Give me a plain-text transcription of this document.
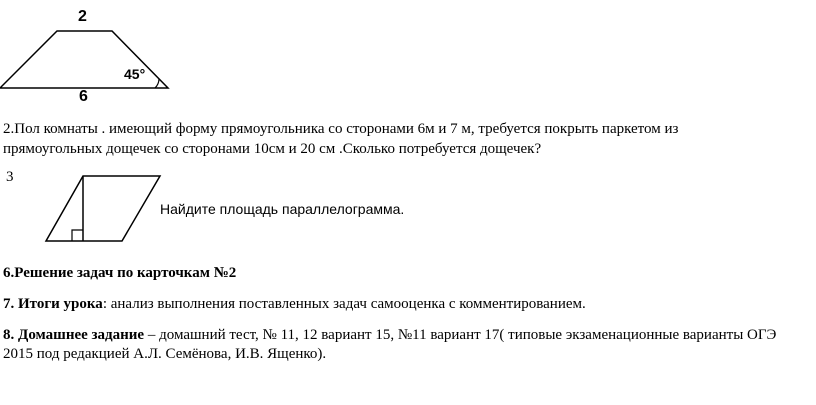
2
6
45°
2.Пол комнаты . имеющий форму прямоугольника со сторонами 6м и 7 м, требуется покрыть паркетом из
прямоугольных дощечек со сторонами 10см и 20 см .Сколько потребуется дощечек?
3
Найдите площадь параллелограмма.
6.Решение задач по карточкам №2
7. Итоги урока: анализ выполнения поставленных задач самооценка с комментированием.
8. Домашнее задание – домашний тест, № 11, 12 вариант 15, №11 вариант 17( типовые экзаменационные варианты ОГЭ
2015 под редакцией А.Л. Семёнова, И.В. Ященко).
